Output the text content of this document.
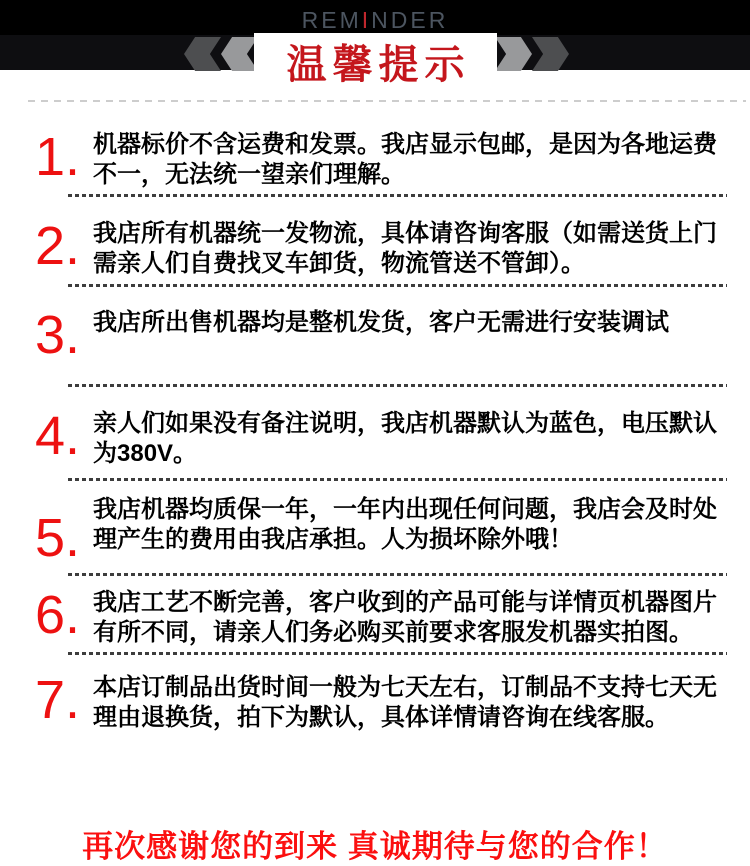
REMINDER
温馨提示
1. 机器标价不含运费和发票。我店显示包邮，是因为各地运费不一，无法统一望亲们理解。
2. 我店所有机器统一发物流，具体请咨询客服（如需送货上门需亲人们自费找叉车卸货，物流管送不管卸）。
3. 我店所出售机器均是整机发货，客户无需进行安装调试
4. 亲人们如果没有备注说明，我店机器默认为蓝色，电压默认为380V。
5. 我店机器均质保一年，一年内出现任何问题，我店会及时处理产生的费用由我店承担。人为损坏除外哦！
6. 我店工艺不断完善，客户收到的产品可能与详情页机器图片有所不同，请亲人们务必购买前要求客服发机器实拍图。
7. 本店订制品出货时间一般为七天左右，订制品不支持七天无理由退换货，拍下为默认，具体详情请咨询在线客服。
再次感谢您的到来 真诚期待与您的合作！
